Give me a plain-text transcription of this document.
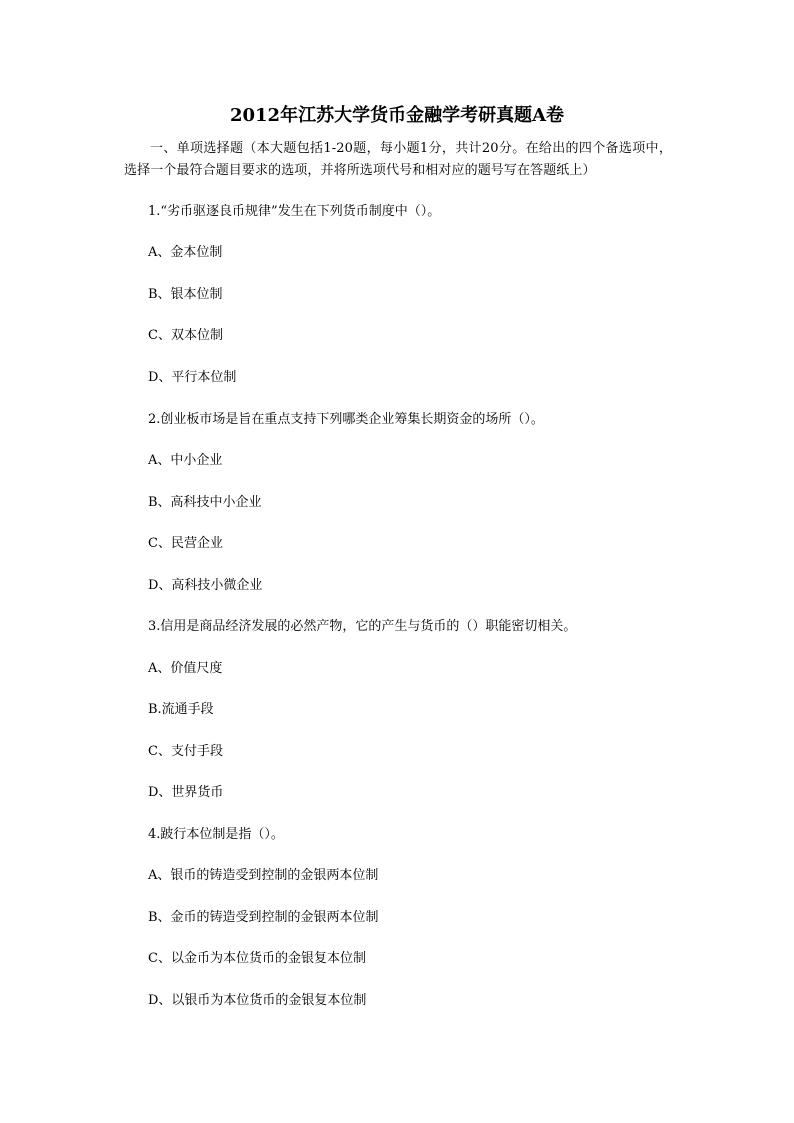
2012年江苏大学货币金融学考研真题A卷
一、单项选择题（本大题包括1-20题，每小题1分，共计20分。在给出的四个备选项中，选择一个最符合题目要求的选项，并将所选项代号和相对应的题号写在答题纸上）
1.“劣币驱逐良币规律”发生在下列货币制度中（）。
A、金本位制
B、银本位制
C、双本位制
D、平行本位制
2.创业板市场是旨在重点支持下列哪类企业筹集长期资金的场所（）。
A、中小企业
B、高科技中小企业
C、民营企业
D、高科技小微企业
3.信用是商品经济发展的必然产物，它的产生与货币的（）职能密切相关。
A、价值尺度
B.流通手段
C、支付手段
D、世界货币
4.跛行本位制是指（）。
A、银币的铸造受到控制的金银两本位制
B、金币的铸造受到控制的金银两本位制
C、以金币为本位货币的金银复本位制
D、以银币为本位货币的金银复本位制
